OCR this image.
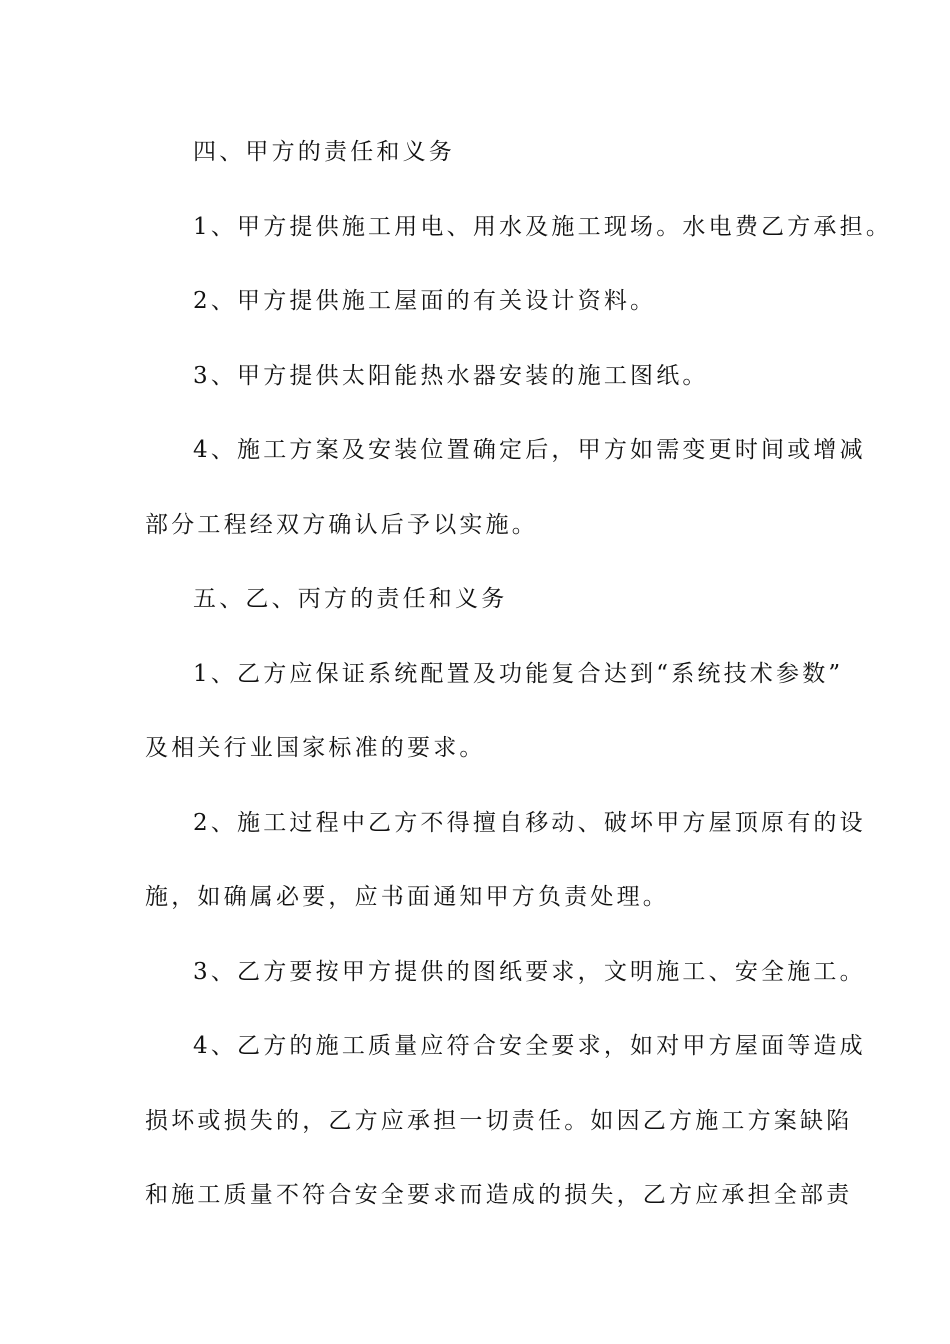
四、甲方的责任和义务
1、甲方提供施工用电、用水及施工现场。水电费乙方承担。
2、甲方提供施工屋面的有关设计资料。
3、甲方提供太阳能热水器安装的施工图纸。
4、施工方案及安装位置确定后，甲方如需变更时间或增减
部分工程经双方确认后予以实施。
五、乙、丙方的责任和义务
1、乙方应保证系统配置及功能复合达到“系统技术参数”
及相关行业国家标准的要求。
2、施工过程中乙方不得擅自移动、破坏甲方屋顶原有的设
施，如确属必要，应书面通知甲方负责处理。
3、乙方要按甲方提供的图纸要求，文明施工、安全施工。
4、乙方的施工质量应符合安全要求，如对甲方屋面等造成
损坏或损失的，乙方应承担一切责任。如因乙方施工方案缺陷
和施工质量不符合安全要求而造成的损失，乙方应承担全部责
